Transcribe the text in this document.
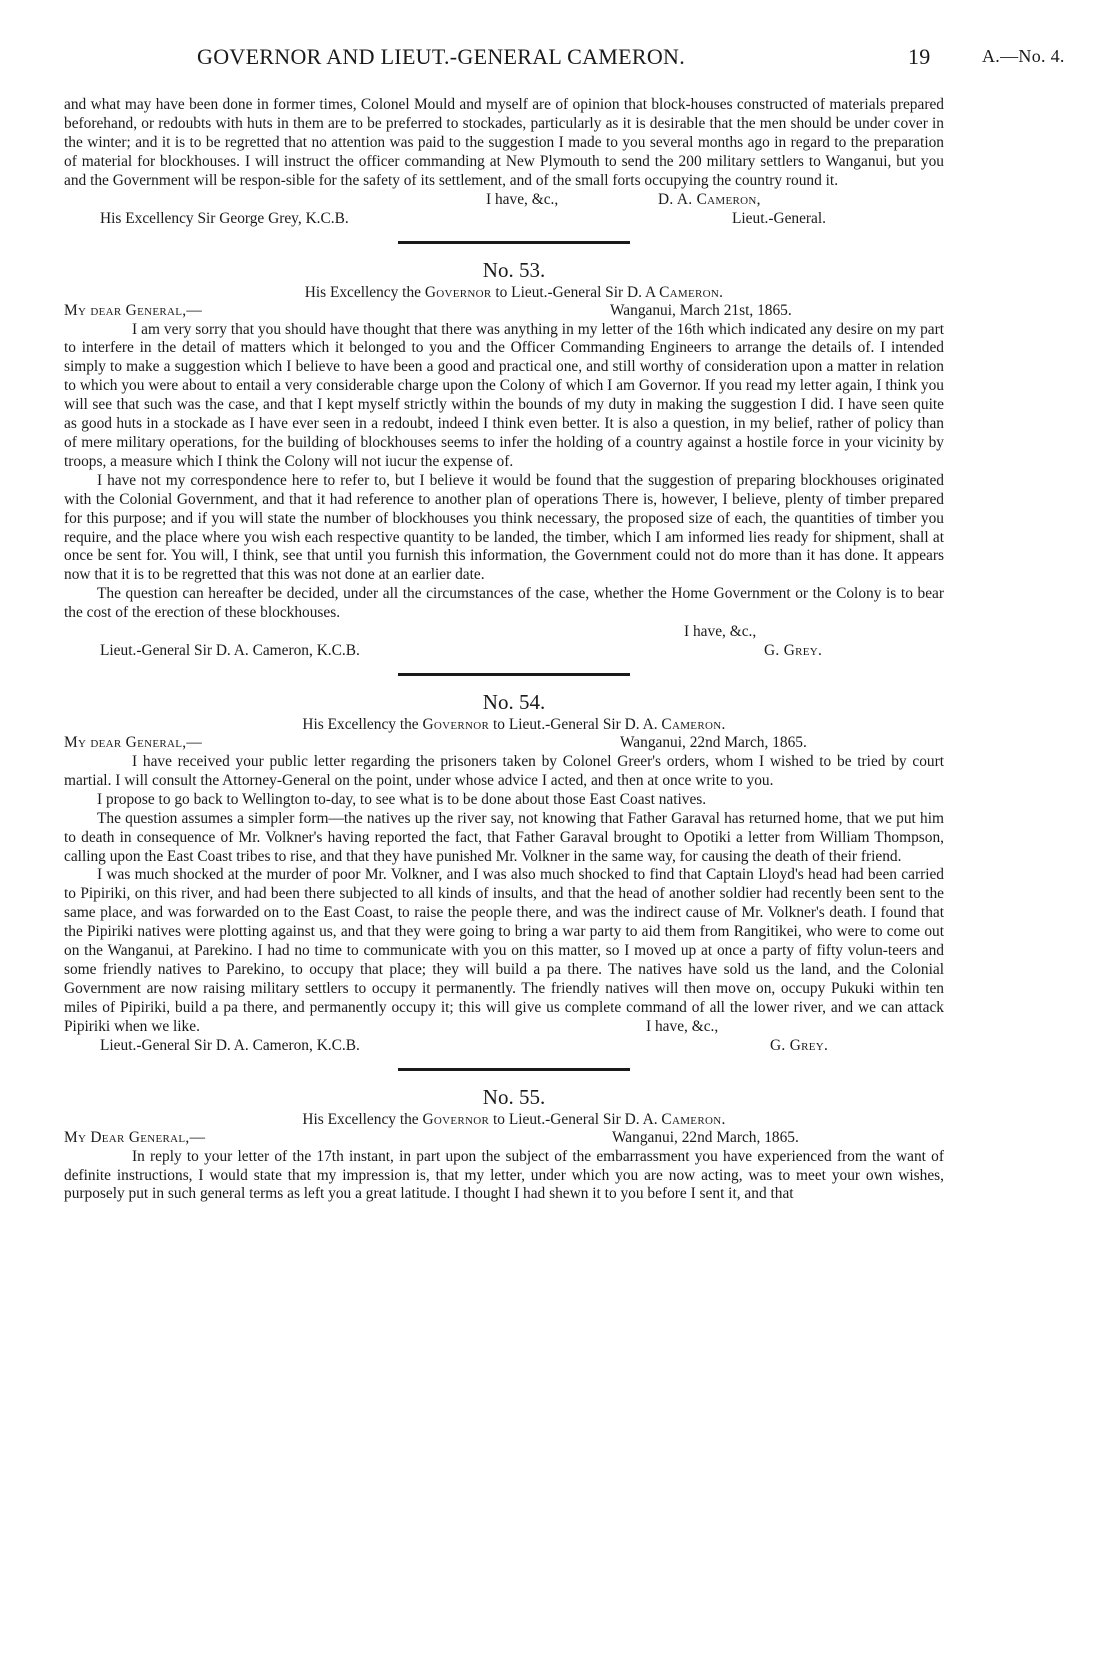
GOVERNOR AND LIEUT.-GENERAL CAMERON.	19	A.—No. 4.

and what may have been done in former times, Colonel Mould and myself are of opinion that block-houses constructed of materials prepared beforehand, or redoubts with huts in them are to be preferred to stockades, particularly as it is desirable that the men should be under cover in the winter; and it is to be regretted that no attention was paid to the suggestion I made to you several months ago in regard to the preparation of material for blockhouses. I will instruct the officer commanding at New Plymouth to send the 200 military settlers to Wanganui, but you and the Government will be respon-sible for the safety of its settlement, and of the small forts occupying the country round it.

I have, &c.,	D. A. Cameron,
His Excellency Sir George Grey, K.C.B.	Lieut.-General.
No. 53.
His Excellency the Governor to Lieut.-General Sir D. A Cameron.
My dear General,—	Wanganui, March 21st, 1865.

I am very sorry that you should have thought that there was anything in my letter of the 16th which indicated any desire on my part to interfere in the detail of matters which it belonged to you and the Officer Commanding Engineers to arrange the details of. I intended simply to make a suggestion which I believe to have been a good and practical one, and still worthy of consideration upon a matter in relation to which you were about to entail a very considerable charge upon the Colony of which I am Governor. If you read my letter again, I think you will see that such was the case, and that I kept myself strictly within the bounds of my duty in making the suggestion I did. I have seen quite as good huts in a stockade as I have ever seen in a redoubt, indeed I think even better. It is also a question, in my belief, rather of policy than of mere military operations, for the building of blockhouses seems to infer the holding of a country against a hostile force in your vicinity by troops, a measure which I think the Colony will not iucur the expense of.

I have not my correspondence here to refer to, but I believe it would be found that the suggestion of preparing blockhouses originated with the Colonial Government, and that it had reference to another plan of operations There is, however, I believe, plenty of timber prepared for this purpose; and if you will state the number of blockhouses you think necessary, the proposed size of each, the quantities of timber you require, and the place where you wish each respective quantity to be landed, the timber, which I am informed lies ready for shipment, shall at once be sent for. You will, I think, see that until you furnish this information, the Government could not do more than it has done. It appears now that it is to be regretted that this was not done at an earlier date.

The question can hereafter be decided, under all the circumstances of the case, whether the Home Government or the Colony is to bear the cost of the erection of these blockhouses.

I have, &c.,
Lieut.-General Sir D. A. Cameron, K.C.B.	G. Grey.
No. 54.
His Excellency the Governor to Lieut.-General Sir D. A. Cameron.
My dear General,—	Wanganui, 22nd March, 1865.

I have received your public letter regarding the prisoners taken by Colonel Greer's orders, whom I wished to be tried by court martial. I will consult the Attorney-General on the point, under whose advice I acted, and then at once write to you.

I propose to go back to Wellington to-day, to see what is to be done about those East Coast natives.

The question assumes a simpler form—the natives up the river say, not knowing that Father Garaval has returned home, that we put him to death in consequence of Mr. Volkner's having reported the fact, that Father Garaval brought to Opotiki a letter from William Thompson, calling upon the East Coast tribes to rise, and that they have punished Mr. Volkner in the same way, for causing the death of their friend.

I was much shocked at the murder of poor Mr. Volkner, and I was also much shocked to find that Captain Lloyd's head had been carried to Pipiriki, on this river, and had been there subjected to all kinds of insults, and that the head of another soldier had recently been sent to the same place, and was forwarded on to the East Coast, to raise the people there, and was the indirect cause of Mr. Volkner's death. I found that the Pipiriki natives were plotting against us, and that they were going to bring a war party to aid them from Rangitikei, who were to come out on the Wanganui, at Parekino. I had no time to communicate with you on this matter, so I moved up at once a party of fifty volun-teers and some friendly natives to Parekino, to occupy that place; they will build a pa there. The natives have sold us the land, and the Colonial Government are now raising military settlers to occupy it permanently. The friendly natives will then move on, occupy Pukuki within ten miles of Pipiriki, build a pa there, and permanently occupy it; this will give us complete command of all the lower river, and we can attack Pipiriki when we like.	I have, &c.,
Lieut.-General Sir D. A. Cameron, K.C.B.	G. Grey.
No. 55.
His Excellency the Governor to Lieut.-General Sir D. A. Cameron.
My Dear General,—	Wanganui, 22nd March, 1865.

In reply to your letter of the 17th instant, in part upon the subject of the embarrassment you have experienced from the want of definite instructions, I would state that my impression is, that my letter, under which you are now acting, was to meet your own wishes, purposely put in such general terms as left you a great latitude. I thought I had shewn it to you before I sent it, and that
